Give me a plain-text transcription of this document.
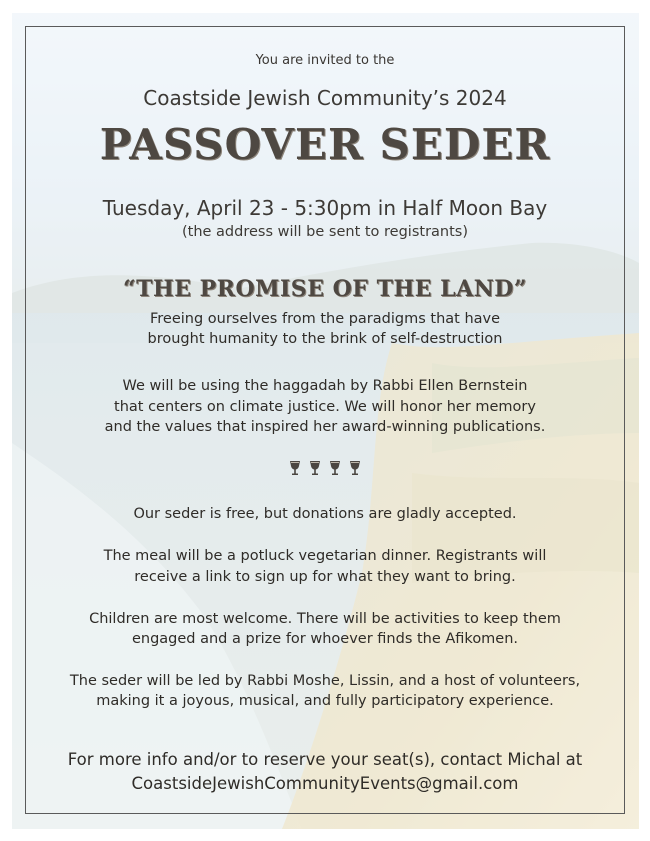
You are invited to the

Coastside Jewish Community’s 2024

PASSOVER SEDER

Tuesday, April 23 - 5:30pm in Half Moon Bay

(the address will be sent to registrants)

“THE PROMISE OF THE LAND”

Freeing ourselves from the paradigms that have

brought humanity to the brink of self-destruction

We will be using the haggadah by Rabbi Ellen Bernstein

that centers on climate justice. We will honor her memory

and the values that inspired her award-winning publications.

Our seder is free, but donations are gladly accepted.

The meal will be a potluck vegetarian dinner. Registrants will

receive a link to sign up for what they want to bring.

Children are most welcome. There will be activities to keep them

engaged and a prize for whoever finds the Afikomen.

The seder will be led by Rabbi Moshe, Lissin, and a host of volunteers,

making it a joyous, musical, and fully participatory experience.

For more info and/or to reserve your seat(s), contact Michal at

CoastsideJewishCommunityEvents@gmail.com
